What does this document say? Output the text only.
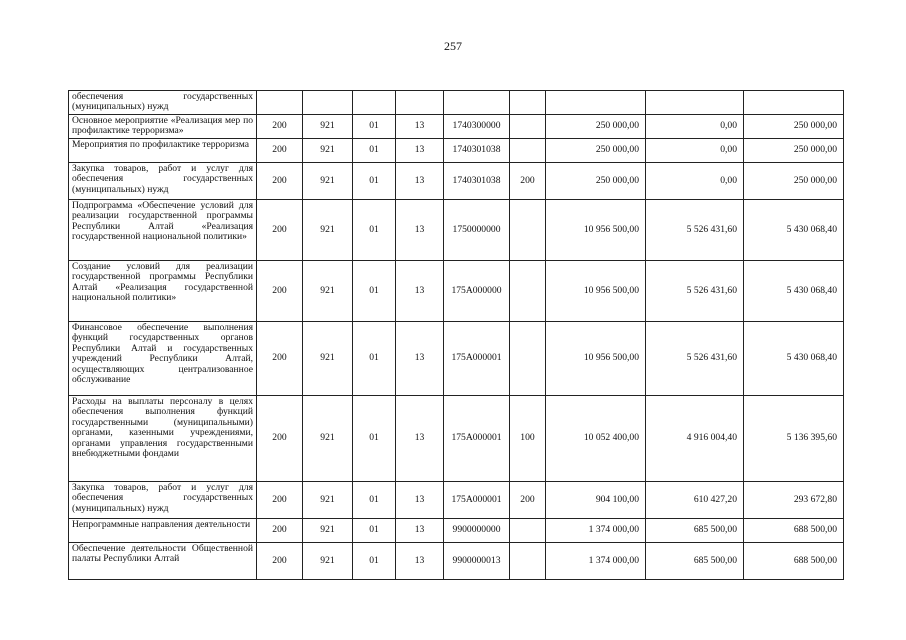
257
обеспечения государственных (муниципальных) нужд									
Основное мероприятие «Реализация мер по профилактике терроризма»	200	921	01	13	1740300000		250 000,00	0,00	250 000,00
Мероприятия по профилактике терроризма	200	921	01	13	1740301038		250 000,00	0,00	250 000,00
Закупка товаров, работ и услуг для обеспечения государственных (муниципальных) нужд	200	921	01	13	1740301038	200	250 000,00	0,00	250 000,00
Подпрограмма «Обеспечение условий для реализации государственной программы Республики Алтай «Реализация государственной национальной политики»	200	921	01	13	1750000000		10 956 500,00	5 526 431,60	5 430 068,40
Создание условий для реализации государственной программы Республики Алтай «Реализация государственной национальной политики»	200	921	01	13	175А000000		10 956 500,00	5 526 431,60	5 430 068,40
Финансовое обеспечение выполнения функций государственных органов Республики Алтай и государственных учреждений Республики Алтай, осуществляющих централизованное обслуживание	200	921	01	13	175А000001		10 956 500,00	5 526 431,60	5 430 068,40
Расходы на выплаты персоналу в целях обеспечения выполнения функций государственными (муниципальными) органами, казенными учреждениями, органами управления государственными внебюджетными фондами	200	921	01	13	175А000001	100	10 052 400,00	4 916 004,40	5 136 395,60
Закупка товаров, работ и услуг для обеспечения государственных (муниципальных) нужд	200	921	01	13	175А000001	200	904 100,00	610 427,20	293 672,80
Непрограммные направления деятельности	200	921	01	13	9900000000		1 374 000,00	685 500,00	688 500,00
Обеспечение деятельности Общественной палаты Республики Алтай	200	921	01	13	9900000013		1 374 000,00	685 500,00	688 500,00
